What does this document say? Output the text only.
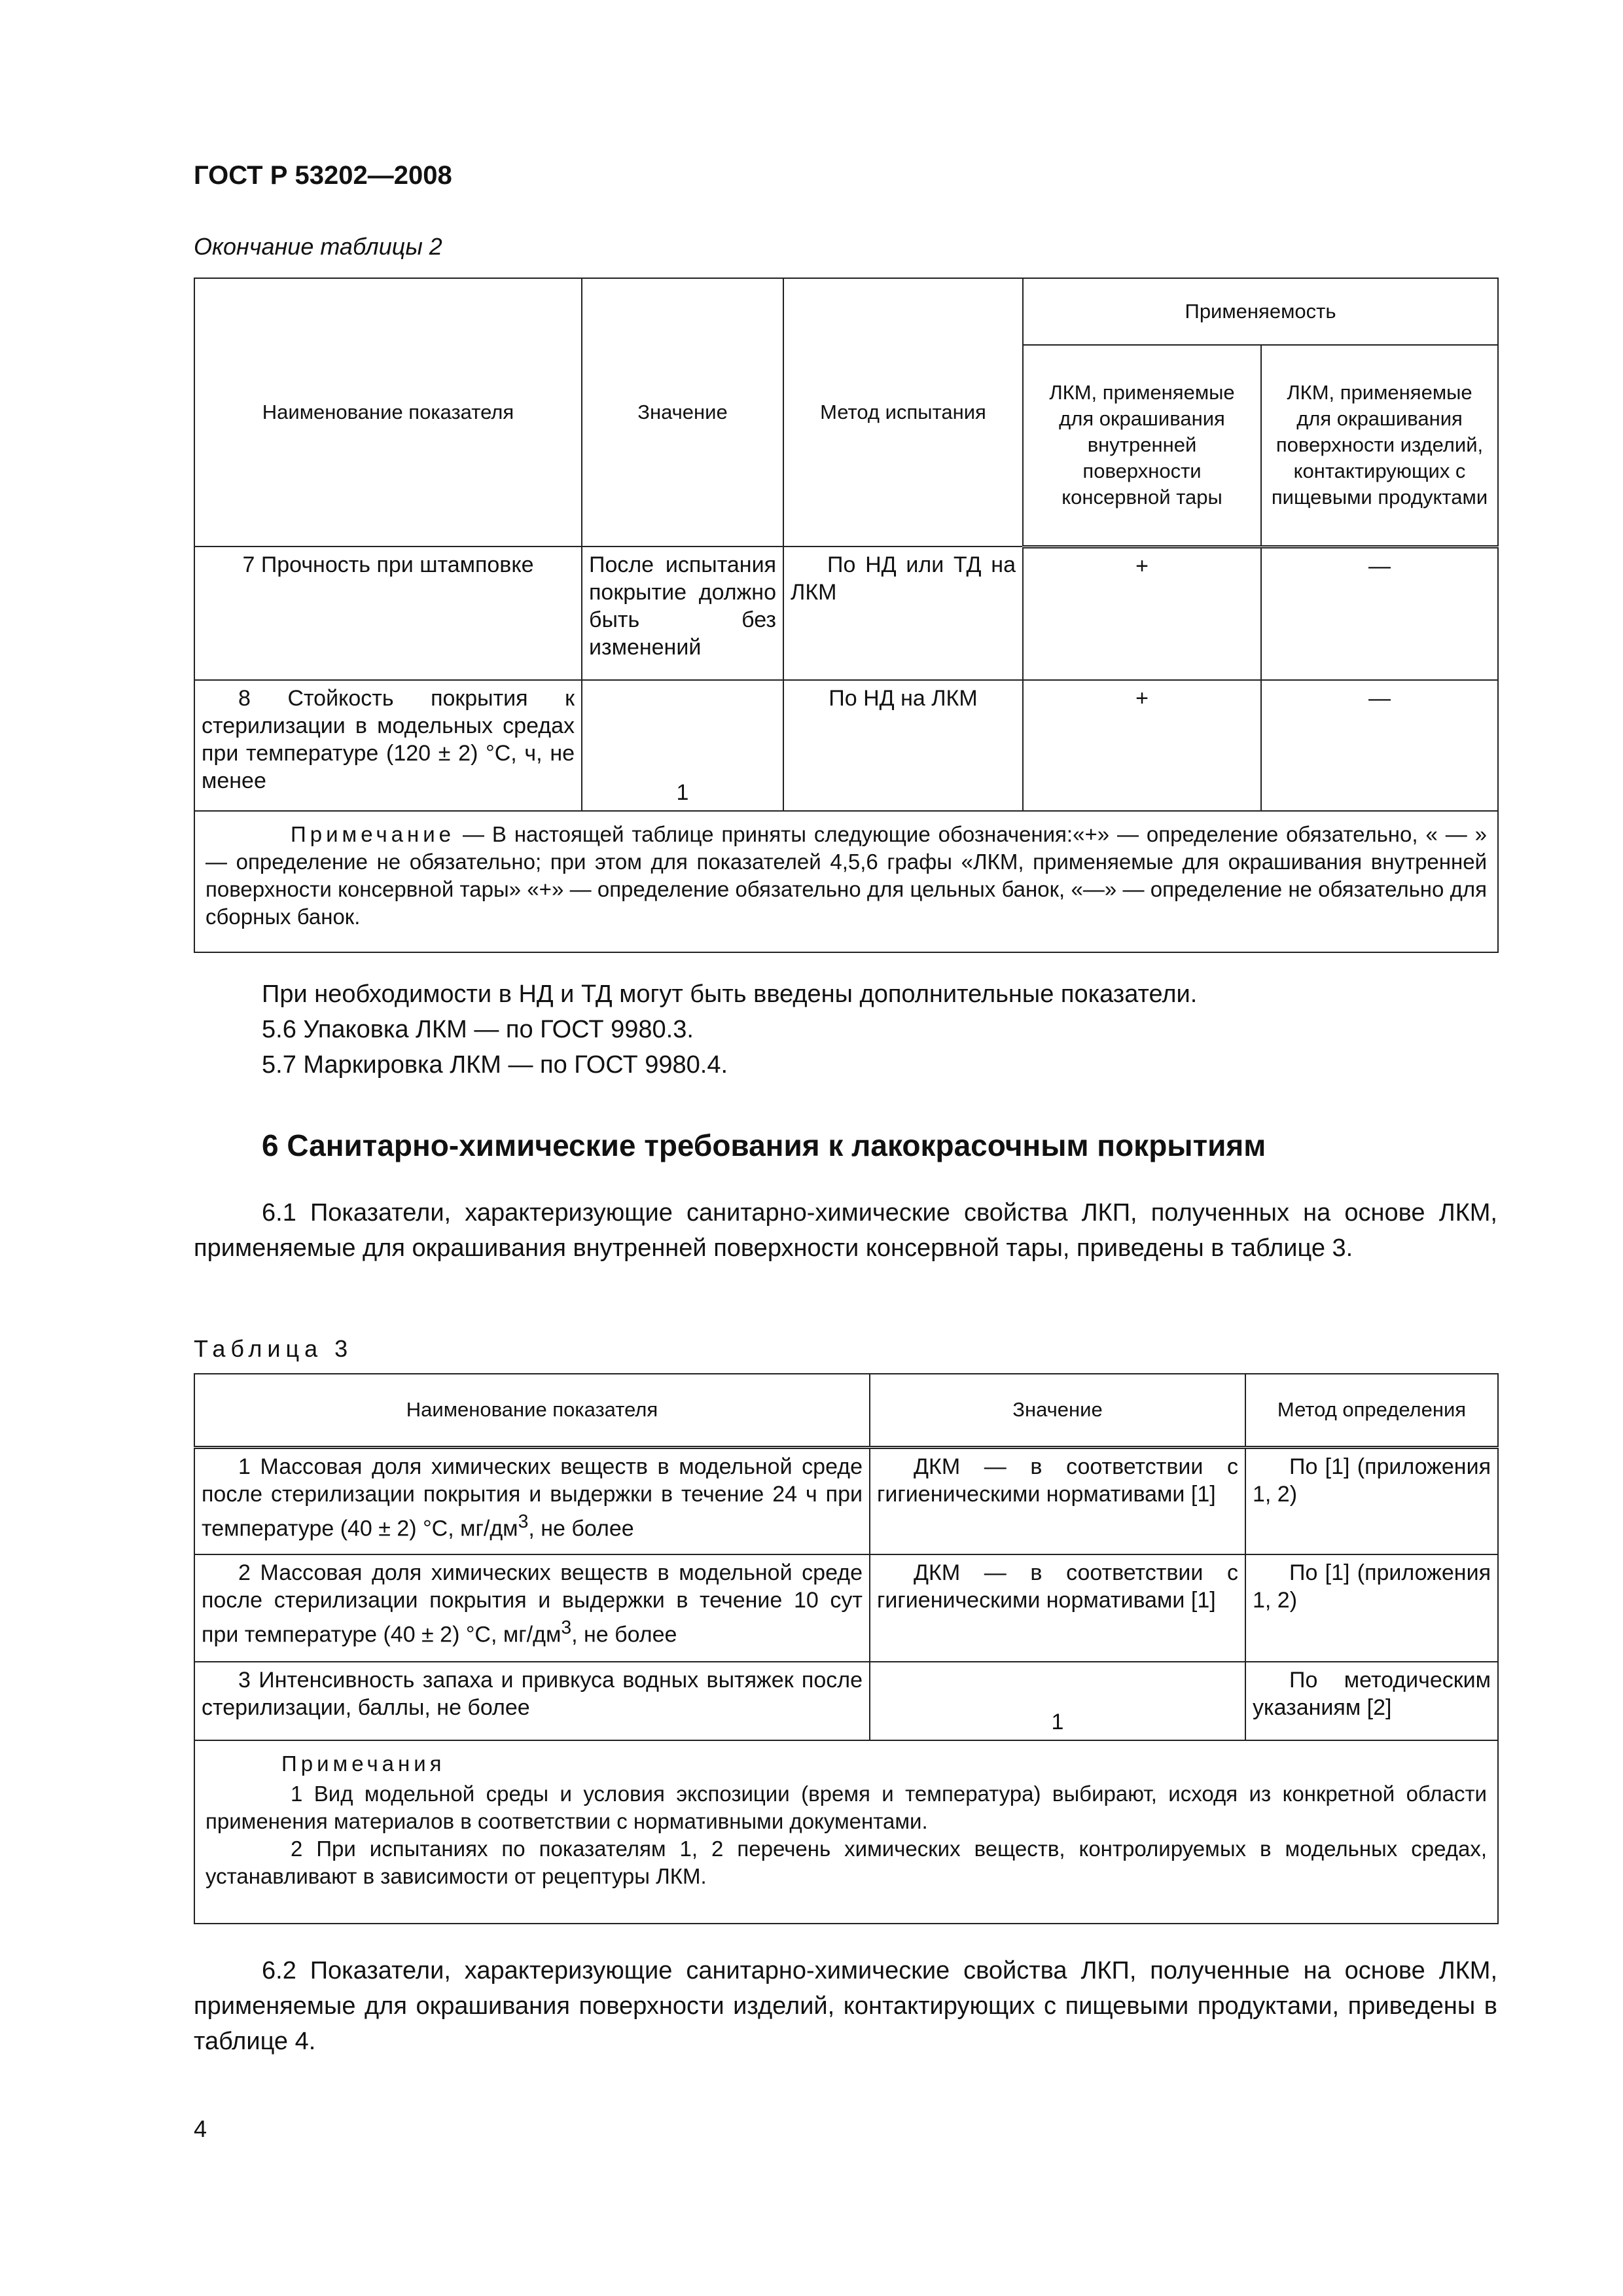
ГОСТ Р 53202—2008
Окончание таблицы 2
Наименование показателя	Значение	Метод испытания	Применяемость	
			ЛКМ, применяемые для окрашивания внутренней поверхности консервной тары	ЛКМ, применяемые для окрашивания поверхности изделий, контактирующих с пищевыми продуктами
7 Прочность при штамповке	После испытания покрытие должно быть без изменений	По НД или ТД на ЛКМ	+	—
8 Стойкость покрытия к стерилизации в модельных средах при температуре (120 ± 2) °С, ч, не менее	1	По НД на ЛКМ	+	—
Примечание — В настоящей таблице приняты следующие обозначения:«+» — определение обязательно, « — » — определение не обязательно; при этом для показателей 4,5,6 графы «ЛКМ, применяемые для окрашивания внутренней поверхности консервной тары» «+» — определение обязательно для цельных банок, «—» — определение не обязательно для сборных банок.				
При необходимости в НД и ТД могут быть введены дополнительные показатели.
5.6 Упаковка ЛКМ — по ГОСТ 9980.3.
5.7 Маркировка ЛКМ — по ГОСТ 9980.4.
6 Санитарно-химические требования к лакокрасочным покрытиям
6.1 Показатели, характеризующие санитарно-химические свойства ЛКП, полученных на основе ЛКМ, применяемые для окрашивания внутренней поверхности консервной тары, приведены в таблице 3.
Таблица 3
Наименование показателя	Значение	Метод определения
1 Массовая доля химических веществ в модельной среде после стерилизации покрытия и выдержки в течение 24 ч при температуре (40 ± 2) °С, $мг/дм^3$, не более	ДКМ — в соответствии с гигиеническими нормативами [1]	По [1] (приложения 1, 2)
2 Массовая доля химических веществ в модельной среде после стерилизации покрытия и выдержки в течение 10 сут при температуре (40 ± 2) °С, $мг/дм^3$, не более	ДКМ — в соответствии с гигиеническими нормативами [1]	По [1] (приложения 1, 2)
3 Интенсивность запаха и привкуса водных вытяжек после стерилизации, баллы, не более	1	По методическим указаниям [2]

Примечания
1 Вид модельной среды и условия экспозиции (время и температура) выбирают, исходя из конкретной области применения материалов в соответствии с нормативными документами.
2 При испытаниях по показателям 1, 2 перечень химических веществ, контролируемых в модельных средах, устанавливают в зависимости от рецептуры ЛКМ.		
6.2 Показатели, характеризующие санитарно-химические свойства ЛКП, полученные на основе ЛКМ, применяемые для окрашивания поверхности изделий, контактирующих с пищевыми продуктами, приведены в таблице 4.
4
